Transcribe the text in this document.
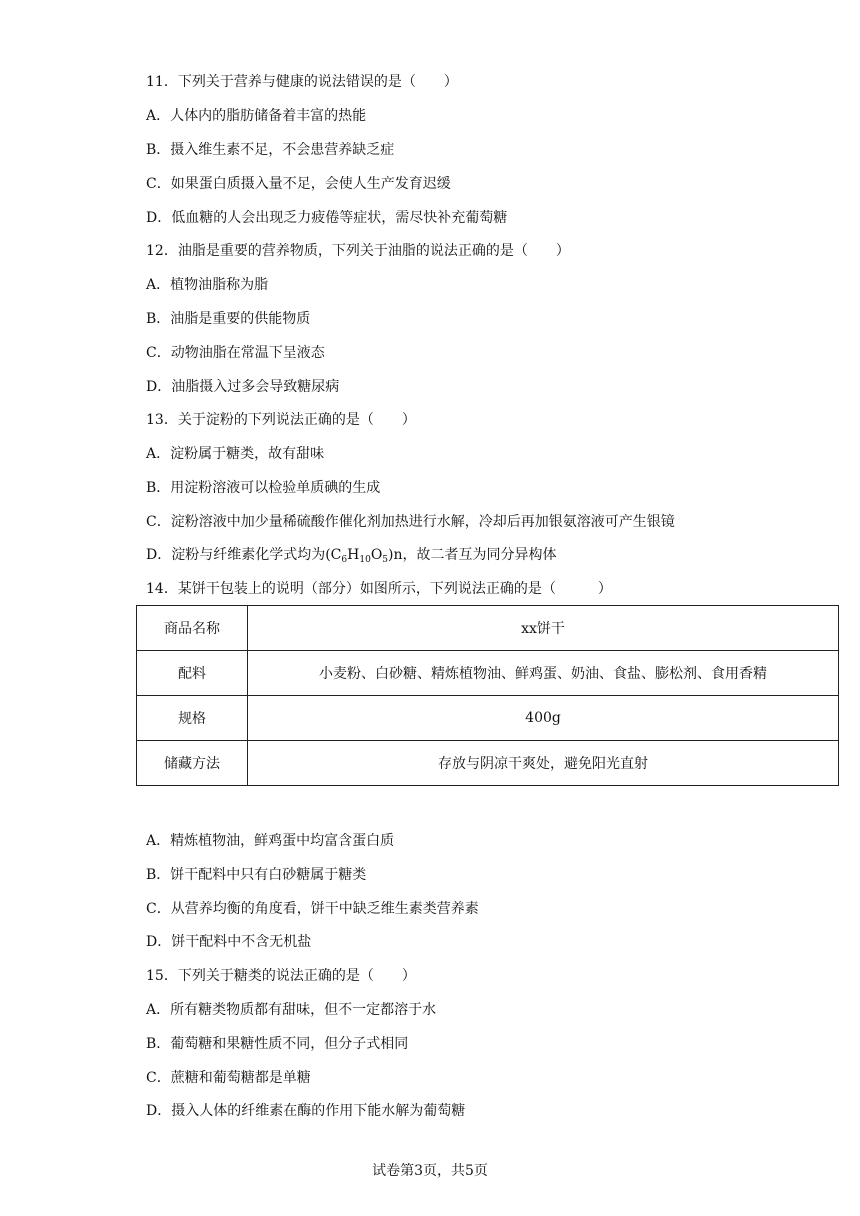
11．下列关于营养与健康的说法错误的是（　　）
A．人体内的脂肪储备着丰富的热能
B．摄入维生素不足，不会患营养缺乏症
C．如果蛋白质摄入量不足，会使人生产发育迟缓
D．低血糖的人会出现乏力疲倦等症状，需尽快补充葡萄糖
12．油脂是重要的营养物质，下列关于油脂的说法正确的是（　　）
A．植物油脂称为脂
B．油脂是重要的供能物质
C．动物油脂在常温下呈液态
D．油脂摄入过多会导致糖尿病
13．关于淀粉的下列说法正确的是（　　）
A．淀粉属于糖类，故有甜味
B．用淀粉溶液可以检验单质碘的生成
C．淀粉溶液中加少量稀硫酸作催化剂加热进行水解，冷却后再加银氨溶液可产生银镜
D．淀粉与纤维素化学式均为$(C_6H_{10}O_5)n$，故二者互为同分异构体
14．某饼干包装上的说明（部分）如图所示，下列说法正确的是（　　　）
商品名称	xx饼干
配料	小麦粉、白砂糖、精炼植物油、鲜鸡蛋、奶油、食盐、膨松剂、食用香精
规格	400g
储藏方法	存放与阴凉干爽处，避免阳光直射
A．精炼植物油，鲜鸡蛋中均富含蛋白质
B．饼干配料中只有白砂糖属于糖类
C．从营养均衡的角度看，饼干中缺乏维生素类营养素
D．饼干配料中不含无机盐
15．下列关于糖类的说法正确的是（　　）
A．所有糖类物质都有甜味，但不一定都溶于水
B．葡萄糖和果糖性质不同，但分子式相同
C．蔗糖和葡萄糖都是单糖
D．摄入人体的纤维素在酶的作用下能水解为葡萄糖
试卷第3页，共5页
